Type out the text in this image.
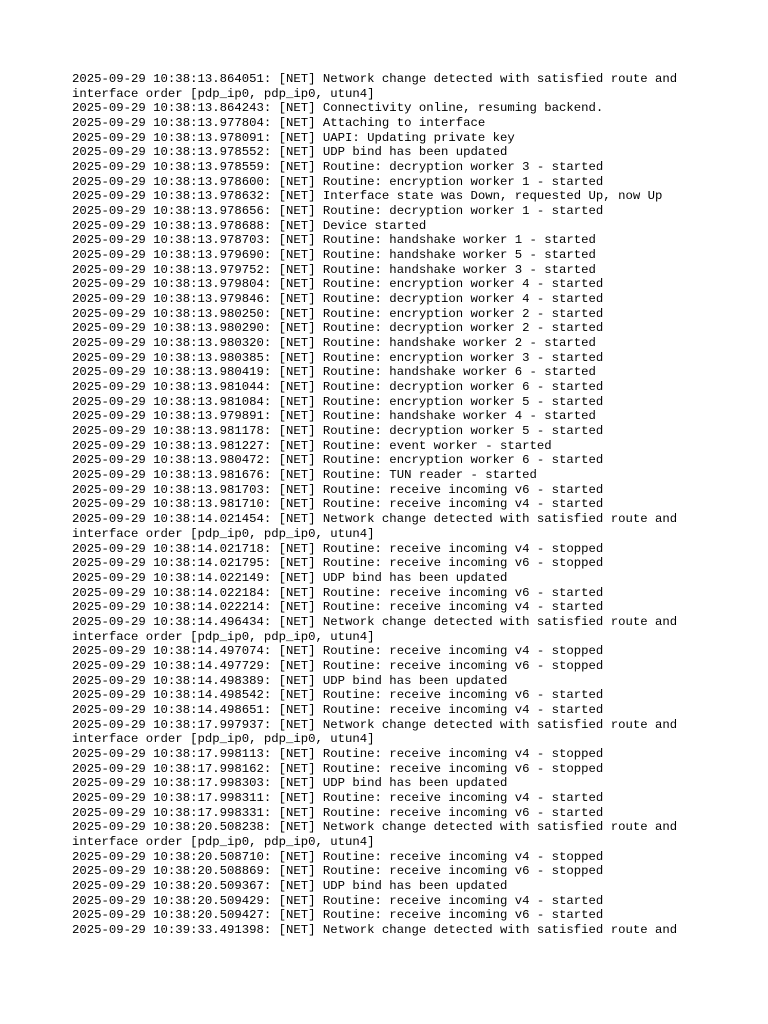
2025-09-29 10:38:13.864051: [NET] Network change detected with satisfied route and interface order [pdp_ip0, pdp_ip0, utun4]
2025-09-29 10:38:13.864243: [NET] Connectivity online, resuming backend.
2025-09-29 10:38:13.977804: [NET] Attaching to interface
2025-09-29 10:38:13.978091: [NET] UAPI: Updating private key
2025-09-29 10:38:13.978552: [NET] UDP bind has been updated
2025-09-29 10:38:13.978559: [NET] Routine: decryption worker 3 - started
2025-09-29 10:38:13.978600: [NET] Routine: encryption worker 1 - started
2025-09-29 10:38:13.978632: [NET] Interface state was Down, requested Up, now Up
2025-09-29 10:38:13.978656: [NET] Routine: decryption worker 1 - started
2025-09-29 10:38:13.978688: [NET] Device started
2025-09-29 10:38:13.978703: [NET] Routine: handshake worker 1 - started
2025-09-29 10:38:13.979690: [NET] Routine: handshake worker 5 - started
2025-09-29 10:38:13.979752: [NET] Routine: handshake worker 3 - started
2025-09-29 10:38:13.979804: [NET] Routine: encryption worker 4 - started
2025-09-29 10:38:13.979846: [NET] Routine: decryption worker 4 - started
2025-09-29 10:38:13.980250: [NET] Routine: encryption worker 2 - started
2025-09-29 10:38:13.980290: [NET] Routine: decryption worker 2 - started
2025-09-29 10:38:13.980320: [NET] Routine: handshake worker 2 - started
2025-09-29 10:38:13.980385: [NET] Routine: encryption worker 3 - started
2025-09-29 10:38:13.980419: [NET] Routine: handshake worker 6 - started
2025-09-29 10:38:13.981044: [NET] Routine: decryption worker 6 - started
2025-09-29 10:38:13.981084: [NET] Routine: encryption worker 5 - started
2025-09-29 10:38:13.979891: [NET] Routine: handshake worker 4 - started
2025-09-29 10:38:13.981178: [NET] Routine: decryption worker 5 - started
2025-09-29 10:38:13.981227: [NET] Routine: event worker - started
2025-09-29 10:38:13.980472: [NET] Routine: encryption worker 6 - started
2025-09-29 10:38:13.981676: [NET] Routine: TUN reader - started
2025-09-29 10:38:13.981703: [NET] Routine: receive incoming v6 - started
2025-09-29 10:38:13.981710: [NET] Routine: receive incoming v4 - started
2025-09-29 10:38:14.021454: [NET] Network change detected with satisfied route and interface order [pdp_ip0, pdp_ip0, utun4]
2025-09-29 10:38:14.021718: [NET] Routine: receive incoming v4 - stopped
2025-09-29 10:38:14.021795: [NET] Routine: receive incoming v6 - stopped
2025-09-29 10:38:14.022149: [NET] UDP bind has been updated
2025-09-29 10:38:14.022184: [NET] Routine: receive incoming v6 - started
2025-09-29 10:38:14.022214: [NET] Routine: receive incoming v4 - started
2025-09-29 10:38:14.496434: [NET] Network change detected with satisfied route and interface order [pdp_ip0, pdp_ip0, utun4]
2025-09-29 10:38:14.497074: [NET] Routine: receive incoming v4 - stopped
2025-09-29 10:38:14.497729: [NET] Routine: receive incoming v6 - stopped
2025-09-29 10:38:14.498389: [NET] UDP bind has been updated
2025-09-29 10:38:14.498542: [NET] Routine: receive incoming v6 - started
2025-09-29 10:38:14.498651: [NET] Routine: receive incoming v4 - started
2025-09-29 10:38:17.997937: [NET] Network change detected with satisfied route and interface order [pdp_ip0, pdp_ip0, utun4]
2025-09-29 10:38:17.998113: [NET] Routine: receive incoming v4 - stopped
2025-09-29 10:38:17.998162: [NET] Routine: receive incoming v6 - stopped
2025-09-29 10:38:17.998303: [NET] UDP bind has been updated
2025-09-29 10:38:17.998311: [NET] Routine: receive incoming v4 - started
2025-09-29 10:38:17.998331: [NET] Routine: receive incoming v6 - started
2025-09-29 10:38:20.508238: [NET] Network change detected with satisfied route and interface order [pdp_ip0, pdp_ip0, utun4]
2025-09-29 10:38:20.508710: [NET] Routine: receive incoming v4 - stopped
2025-09-29 10:38:20.508869: [NET] Routine: receive incoming v6 - stopped
2025-09-29 10:38:20.509367: [NET] UDP bind has been updated
2025-09-29 10:38:20.509429: [NET] Routine: receive incoming v4 - started
2025-09-29 10:38:20.509427: [NET] Routine: receive incoming v6 - started
2025-09-29 10:39:33.491398: [NET] Network change detected with satisfied route and
